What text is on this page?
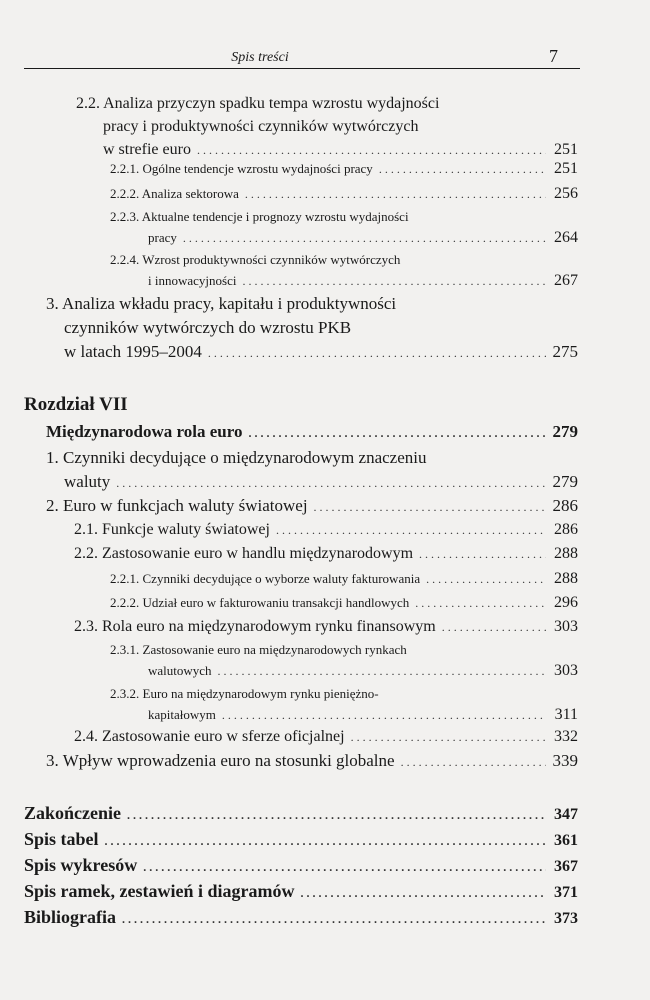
Spis treści	7
2.2. Analiza przyczyn spadku tempa wzrostu wydajności
pracy i produktywności czynników wytwórczych
w strefie euro .....	251
2.2.1. Ogólne tendencje wzrostu wydajności pracy .....	251
2.2.2. Analiza sektorowa .....	256
2.2.3. Aktualne tendencje i prognozy wzrostu wydajności
pracy .....	264
2.2.4. Wzrost produktywności czynników wytwórczych
i innowacyjności .....	267
3. Analiza wkładu pracy, kapitału i produktywności
czynników wytwórczych do wzrostu PKB
w latach 1995–2004 .....	275
Rozdział VII
Międzynarodowa rola euro .....	279
1. Czynniki decydujące o międzynarodowym znaczeniu
waluty .....	279
2. Euro w funkcjach waluty światowej .....	286
2.1. Funkcje waluty światowej .....	286
2.2. Zastosowanie euro w handlu międzynarodowym .....	288
2.2.1. Czynniki decydujące o wyborze waluty fakturowania .....	288
2.2.2. Udział euro w fakturowaniu transakcji handlowych .....	296
2.3. Rola euro na międzynarodowym rynku finansowym .....	303
2.3.1. Zastosowanie euro na międzynarodowych rynkach
walutowych .....	303
2.3.2. Euro na międzynarodowym rynku pieniężno-
kapitałowym .....	311
2.4. Zastosowanie euro w sferze oficjalnej .....	332
3. Wpływ wprowadzenia euro na stosunki globalne .....	339
Zakończenie .....	347
Spis tabel .....	361
Spis wykresów .....	367
Spis ramek, zestawień i diagramów .....	371
Bibliografia .....	373
